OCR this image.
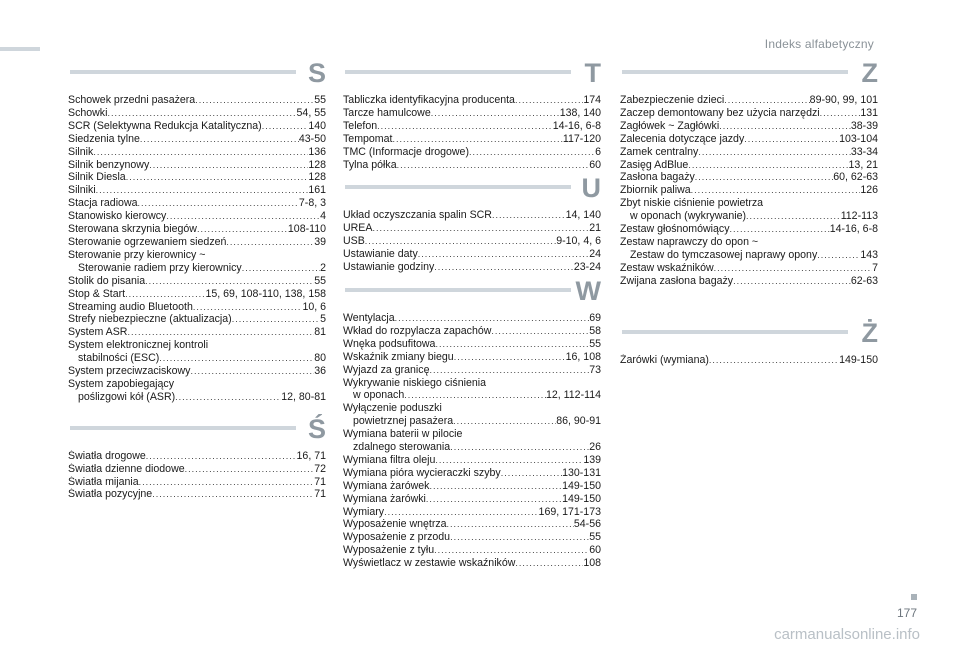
Indeks alfabetyczny
S
Schowek przedni pasażera .....	55
Schowki .....	54, 55
SCR (Selektywna Redukcja Katalityczna) .....	140
Siedzenia tylne .....	43-50
Silnik .....	136
Silnik benzynowy .....	128
Silnik Diesla .....	128
Silniki .....	161
Stacja radiowa .....	7-8, 3
Stanowisko kierowcy .....	4
Sterowana skrzynia biegów .....	108-110
Sterowanie ogrzewaniem siedzeń .....	39
Sterowanie przy kierownicy ~
Sterowanie radiem przy kierownicy .....	2
Stolik do pisania .....	55
Stop & Start .....	15, 69, 108-110, 138, 158
Streaming audio Bluetooth .....	10, 6
Strefy niebezpieczne (aktualizacja) .....	5
System ASR .....	81
System elektronicznej kontroli
stabilności (ESC) .....	80
System przeciwzaciskowy .....	36
System zapobiegający
poślizgowi kół (ASR) .....	12, 80-81
Ś
Światła drogowe .....	16, 71
Światła dzienne diodowe .....	72
Światła mijania .....	71
Światła pozycyjne .....	71
T
Tabliczka identyfikacyjna producenta .....	174
Tarcze hamulcowe .....	138, 140
Telefon .....	14-16, 6-8
Tempomat .....	117-120
TMC (Informacje drogowe) .....	6
Tylna półka .....	60
U
Układ oczyszczania spalin SCR .....	14, 140
UREA .....	21
USB .....	9-10, 4, 6
Ustawianie daty .....	24
Ustawianie godziny .....	23-24
W
Wentylacja .....	69
Wkład do rozpylacza zapachów .....	58
Wnęka podsufitowa .....	55
Wskaźnik zmiany biegu .....	16, 108
Wyjazd za granicę .....	73
Wykrywanie niskiego ciśnienia
w oponach .....	12, 112-114
Wyłączenie poduszki
powietrznej pasażera .....	86, 90-91
Wymiana baterii w pilocie
zdalnego sterowania .....	26
Wymiana filtra oleju .....	139
Wymiana pióra wycieraczki szyby .....	130-131
Wymiana żarówek .....	149-150
Wymiana żarówki .....	149-150
Wymiary .....	169, 171-173
Wyposażenie wnętrza .....	54-56
Wyposażenie z przodu .....	55
Wyposażenie z tyłu .....	60
Wyświetlacz w zestawie wskaźników .....	108
Z
Zabezpieczenie dzieci .....	89-90, 99, 101
Zaczep demontowany bez użycia narzędzi .....	131
Zagłówek ~ Zagłówki .....	38-39
Zalecenia dotyczące jazdy .....	103-104
Zamek centralny .....	33-34
Zasięg AdBlue .....	13, 21
Zasłona bagaży .....	60, 62-63
Zbiornik paliwa .....	126
Zbyt niskie ciśnienie powietrza
w oponach (wykrywanie) .....	112-113
Zestaw głośnomówiący .....	14-16, 6-8
Zestaw naprawczy do opon ~
Zestaw do tymczasowej naprawy opony .....	143
Zestaw wskaźników .....	7
Zwijana zasłona bagaży .....	62-63
Ż
Żarówki (wymiana) .....	149-150
177
carmanualsonline.info
